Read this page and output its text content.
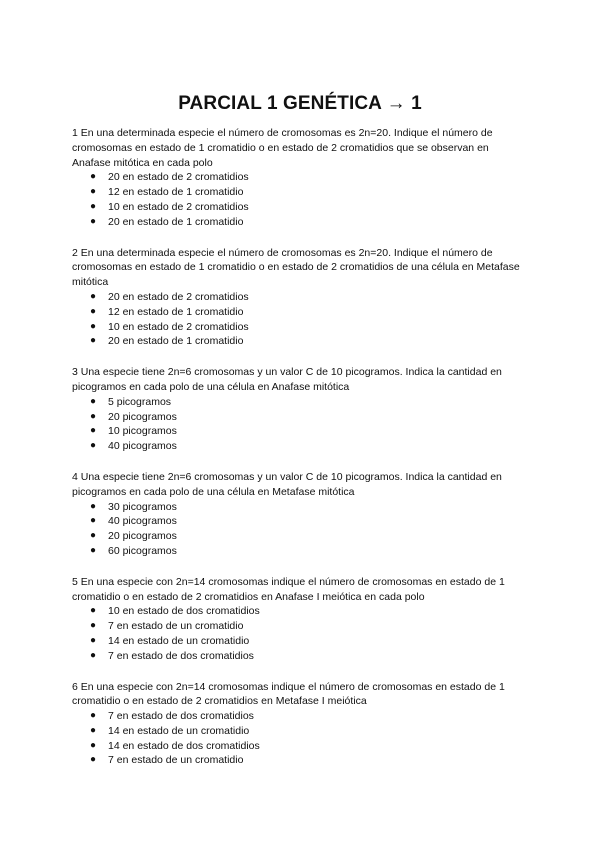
PARCIAL 1 GENÉTICA → 1

1 En una determinada especie el número de cromosomas es 2n=20. Indique el número de cromosomas en estado de 1 cromatidio o en estado de 2 cromatidios que se observan en Anafase mitótica en cada polo

● 20 en estado de 2 cromatidios
● 12 en estado de 1 cromatidio
● 10 en estado de 2 cromatidios
● 20 en estado de 1 cromatidio

2 En una determinada especie el número de cromosomas es 2n=20. Indique el número de cromosomas en estado de 1 cromatidio o en estado de 2 cromatidios de una célula en Metafase mitótica

● 20 en estado de 2 cromatidios
● 12 en estado de 1 cromatidio
● 10 en estado de 2 cromatidios
● 20 en estado de 1 cromatidio

3 Una especie tiene 2n=6 cromosomas y un valor C de 10 picogramos. Indica la cantidad en picogramos en cada polo de una célula en Anafase mitótica

● 5 picogramos
● 20 picogramos
● 10 picogramos
● 40 picogramos

4 Una especie tiene 2n=6 cromosomas y un valor C de 10 picogramos. Indica la cantidad en picogramos en cada polo de una célula en Metafase mitótica

● 30 picogramos
● 40 picogramos
● 20 picogramos
● 60 picogramos

5 En una especie con 2n=14 cromosomas indique el número de cromosomas en estado de 1 cromatidio o en estado de 2 cromatidios en Anafase I meiótica en cada polo

● 10 en estado de dos cromatidios
● 7 en estado de un cromatidio
● 14 en estado de un cromatidio
● 7 en estado de dos cromatidios

6 En una especie con 2n=14 cromosomas indique el número de cromosomas en estado de 1 cromatidio o en estado de 2 cromatidios en Metafase I meiótica

● 7 en estado de dos cromatidios
● 14 en estado de un cromatidio
● 14 en estado de dos cromatidios
● 7 en estado de un cromatidio
